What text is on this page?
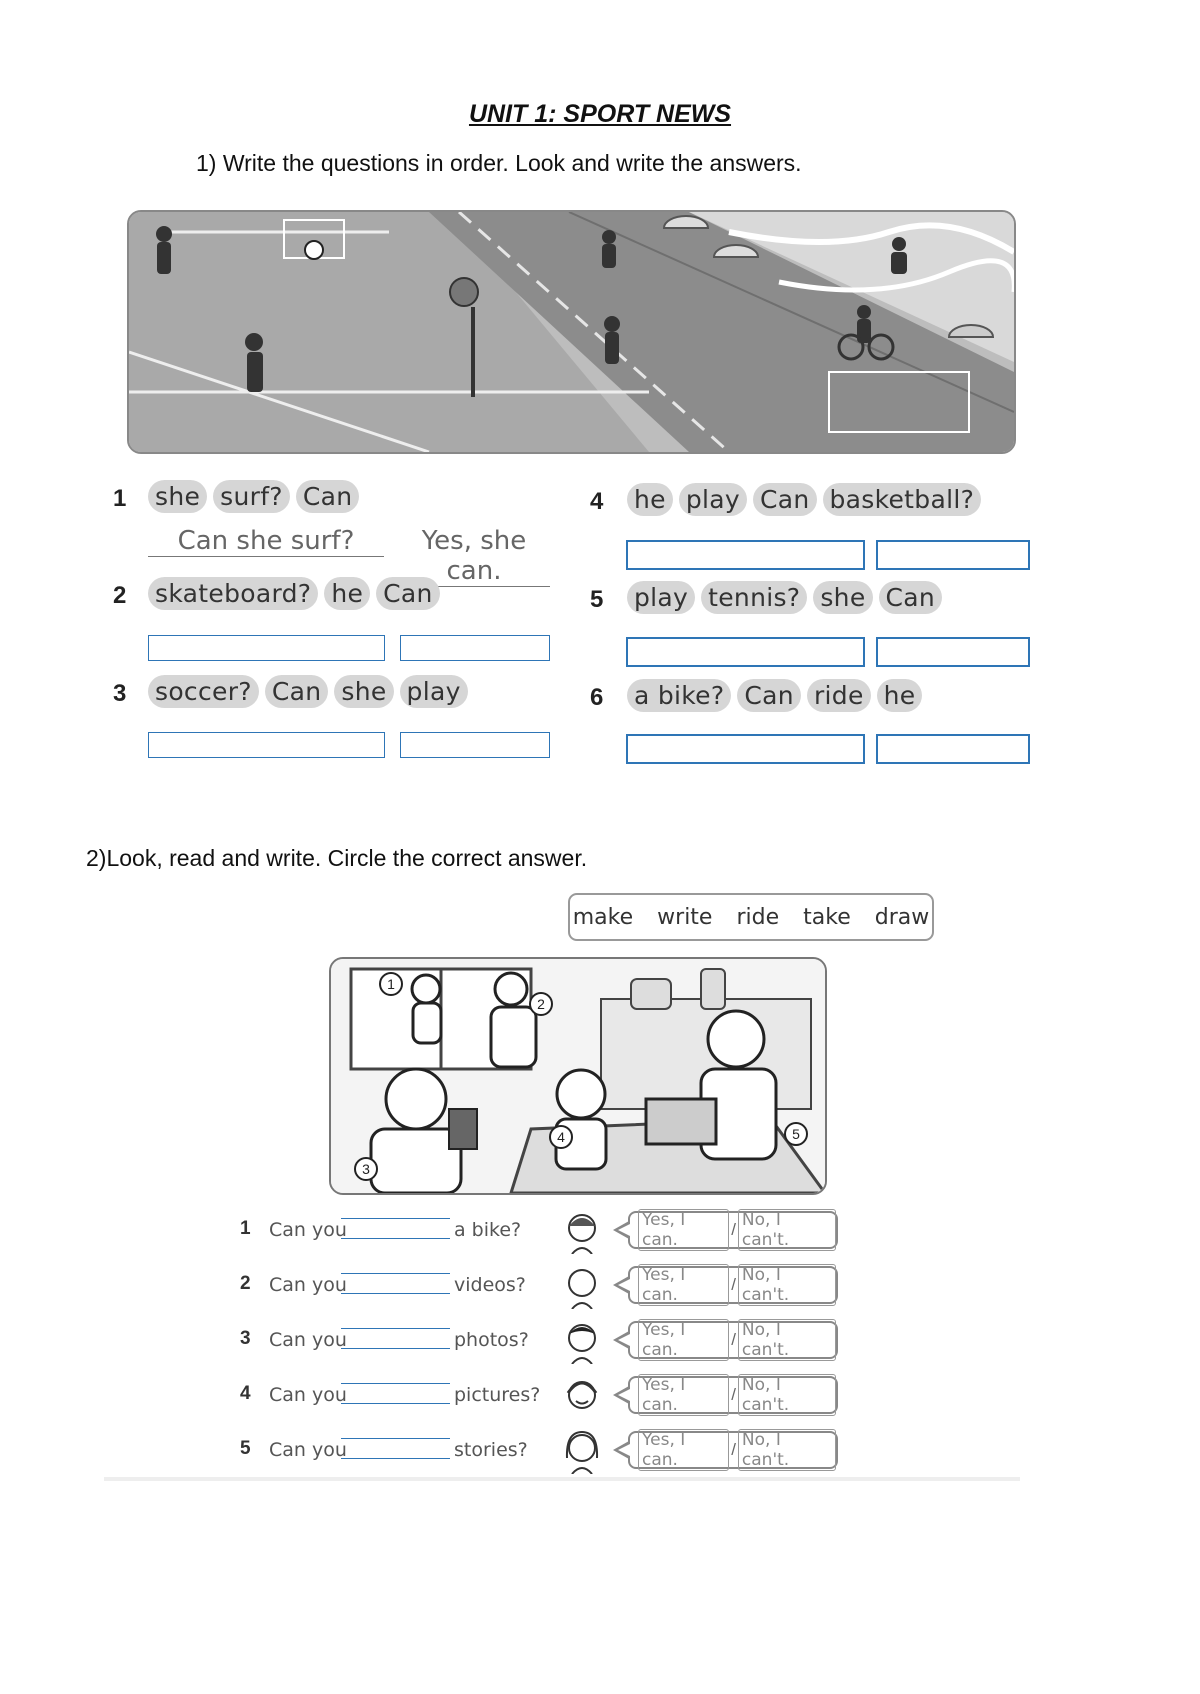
UNIT 1: SPORT NEWS
1) Write the questions in order. Look and write the answers.
1 she surf? Can
Can she surf?	Yes, she can.
2 skateboard? he Can
3 soccer? Can she play
4 he play Can basketball?
5 play tennis? she Can
6 a bike? Can ride he
2)Look, read and write. Circle the correct answer.
make write ride take draw
1
2
3
4	5
1 Can you	a bike?	Yes, I can.
/ No, I can't.
2 Can you	videos?	Yes, I can.
/ No, I can't.
3 Can you	photos?	Yes, I can.
/ No, I can't.
4 Can you	pictures?	Yes, I can.
/ No, I can't.
5 Can you	stories?	Yes, I can.
/ No, I can't.
